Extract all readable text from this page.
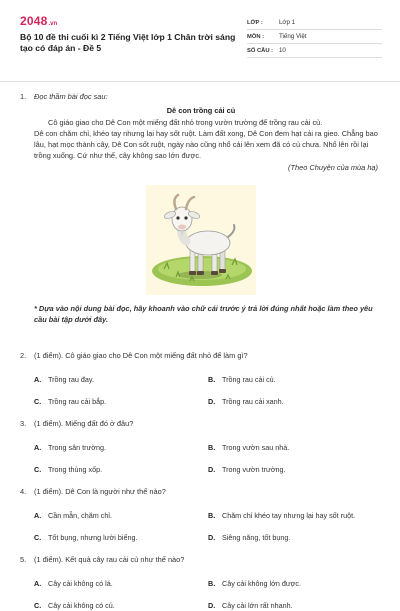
2048 .vn
Bộ 10 đề thi cuối kì 2 Tiếng Việt lớp 1 Chân trời sáng tạo có đáp án - Đề 5
LỚP :	Lớp 1
MÔN :	Tiếng Việt
SỐ CÂU : 10
1.	Đọc thầm bài đọc sau:
Dê con trồng cải củ

Cô giáo giao cho Dê Con một miếng đất nhỏ trong vườn trường để trồng rau cải củ.

Dê con chăm chỉ, khéo tay nhưng lại hay sốt ruột. Làm đất xong, Dê Con đem hạt cải ra gieo. Chẳng bao lâu, hạt mọc thành cây, Dê Con sốt ruột, ngày nào cũng nhổ cải lên xem đã có củ chưa. Nhổ lên rồi lại trồng xuống. Cứ như thế, cây không sao lớn được.

(Theo Chuyện của mùa hạ)
* Dựa vào nội dung bài đọc, hãy khoanh vào chữ cái trước ý trả lời đúng nhất hoặc làm theo yêu cầu bài tập dưới đây.
2.	(1 điểm). Cô giáo giao cho Dê Con một miếng đất nhỏ để làm gì?
A. Trồng rau đay.	B. Trồng rau cải củ.
C. Trồng rau cải bắp.	D. Trồng rau cải xanh.
3.	(1 điểm). Miếng đất đó ở đâu?
A. Trong sân trường.	B. Trong vườn sau nhà.
C. Trong thùng xốp.	D. Trong vườn trường.
4.	(1 điểm). Dê Con là người như thế nào?
A. Cần mẫn, chăm chỉ.	B. Chăm chỉ khéo tay nhưng lại hay sốt ruột.
C. Tốt bụng, nhưng lười biếng.	D. Siêng năng, tốt bụng.
5.	(1 điểm). Kết quả cây rau cải củ như thế nào?
A. Cây cải không có lá.	B. Cây cải không lớn được.
C. Cây cải không có củ.	D. Cây cải lớn rất nhanh.
